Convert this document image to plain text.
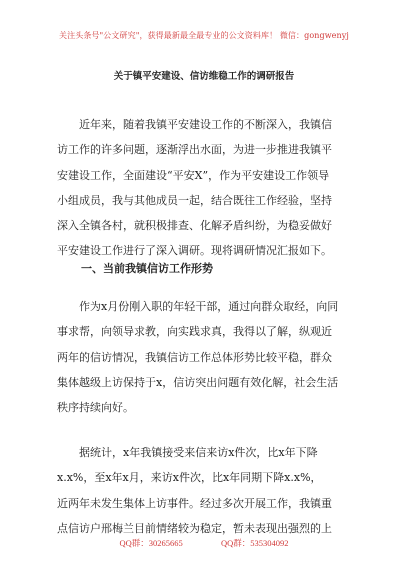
关注头条号"公文研究"，获得最新最全最专业的公文资料库！ 微信：gongwenyj
关于镇平安建设、信访维稳工作的调研报告
近年来，随着我镇平安建设工作的不断深入，我镇信
访工作的许多问题，逐渐浮出水面，为进一步推进我镇平
安建设工作，全面建设“平安X”，作为平安建设工作领导
小组成员，我与其他成员一起，结合既往工作经验，坚持
深入全镇各村，就积极排查、化解矛盾纠纷，为稳妥做好
平安建设工作进行了深入调研。现将调研情况汇报如下。
一、当前我镇信访工作形势
作为x月份刚入职的年轻干部，通过向群众取经，向同
事求帮，向领导求教，向实践求真，我得以了解，纵观近
两年的信访情况，我镇信访工作总体形势比较平稳，群众
集体越级上访保持于x，信访突出问题有效化解，社会生活
秩序持续向好。
据统计，x年我镇接受来信来访x件次，比x年下降
x.x%，至x年x月，来访x件次，比x年同期下降x.x%，
近两年未发生集体上访事件。经过多次开展工作，我镇重
点信访户邢梅兰目前情绪较为稳定，暂未表现出强烈的上
QQ群：30265665	QQ群：535304092
